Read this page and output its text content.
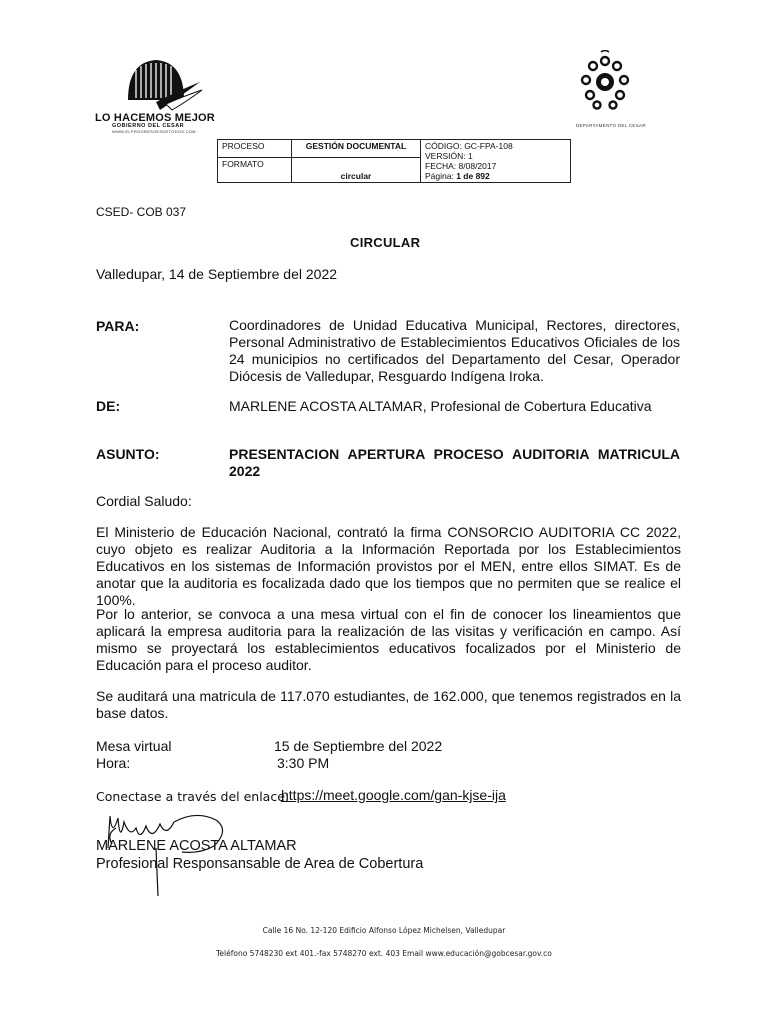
LO HACEMOS MEJOR
GOBIERNO DEL CESAR
WWW.ELPROGRESOESDETODOS.COM
DEPARTAMENTO DEL CESAR
PROCESO	GESTIÓN DOCUMENTAL	CÓDIGO: GC-FPA-108
VERSIÓN: 1
FECHA: 8/08/2017
Página: 1 de 892

FORMATO	circular	
CSED- COB 037
CIRCULAR
Valledupar, 14 de Septiembre del 2022
PARA:	Coordinadores de Unidad Educativa Municipal, Rectores, directores, Personal Administrativo de Establecimientos Educativos Oficiales de los 24 municipios no certificados del Departamento del Cesar, Operador Diócesis de Valledupar, Resguardo Indígena Iroka.
DE:	MARLENE ACOSTA ALTAMAR, Profesional de Cobertura Educativa
ASUNTO:	PRESENTACION APERTURA PROCESO AUDITORIA MATRICULA 2022
Cordial Saludo:
El Ministerio de Educación Nacional, contrató la firma CONSORCIO AUDITORIA CC 2022, cuyo objeto es realizar Auditoria a la Información Reportada por los Establecimientos Educativos en los sistemas de Información provistos por el MEN, entre ellos SIMAT. Es de anotar que la auditoria es focalizada dado que los tiempos que no permiten que se realice el 100%.
Por lo anterior, se convoca a una mesa virtual con el fin de conocer los lineamientos que aplicará la empresa auditoria para la realización de las visitas y verificación en campo. Así mismo se proyectará los establecimientos educativos focalizados por el Ministerio de Educación para el proceso auditor.
Se auditará una matricula de 117.070 estudiantes, de 162.000, que tenemos registrados en la base datos.
Mesa virtual	15 de Septiembre del 2022
Hora:	3:30 PM
Conectase a través del enlace:
https://meet.google.com/gan-kjse-ija
MARLENE ACOSTA ALTAMAR
Profesional Responsansable de Area de Cobertura
Calle 16 No. 12-120 Edificio Alfonso López Michelsen, Valledupar
Teléfono 5748230 ext 401.-fax 5748270 ext. 403 Email www.educación@gobcesar.gov.co
